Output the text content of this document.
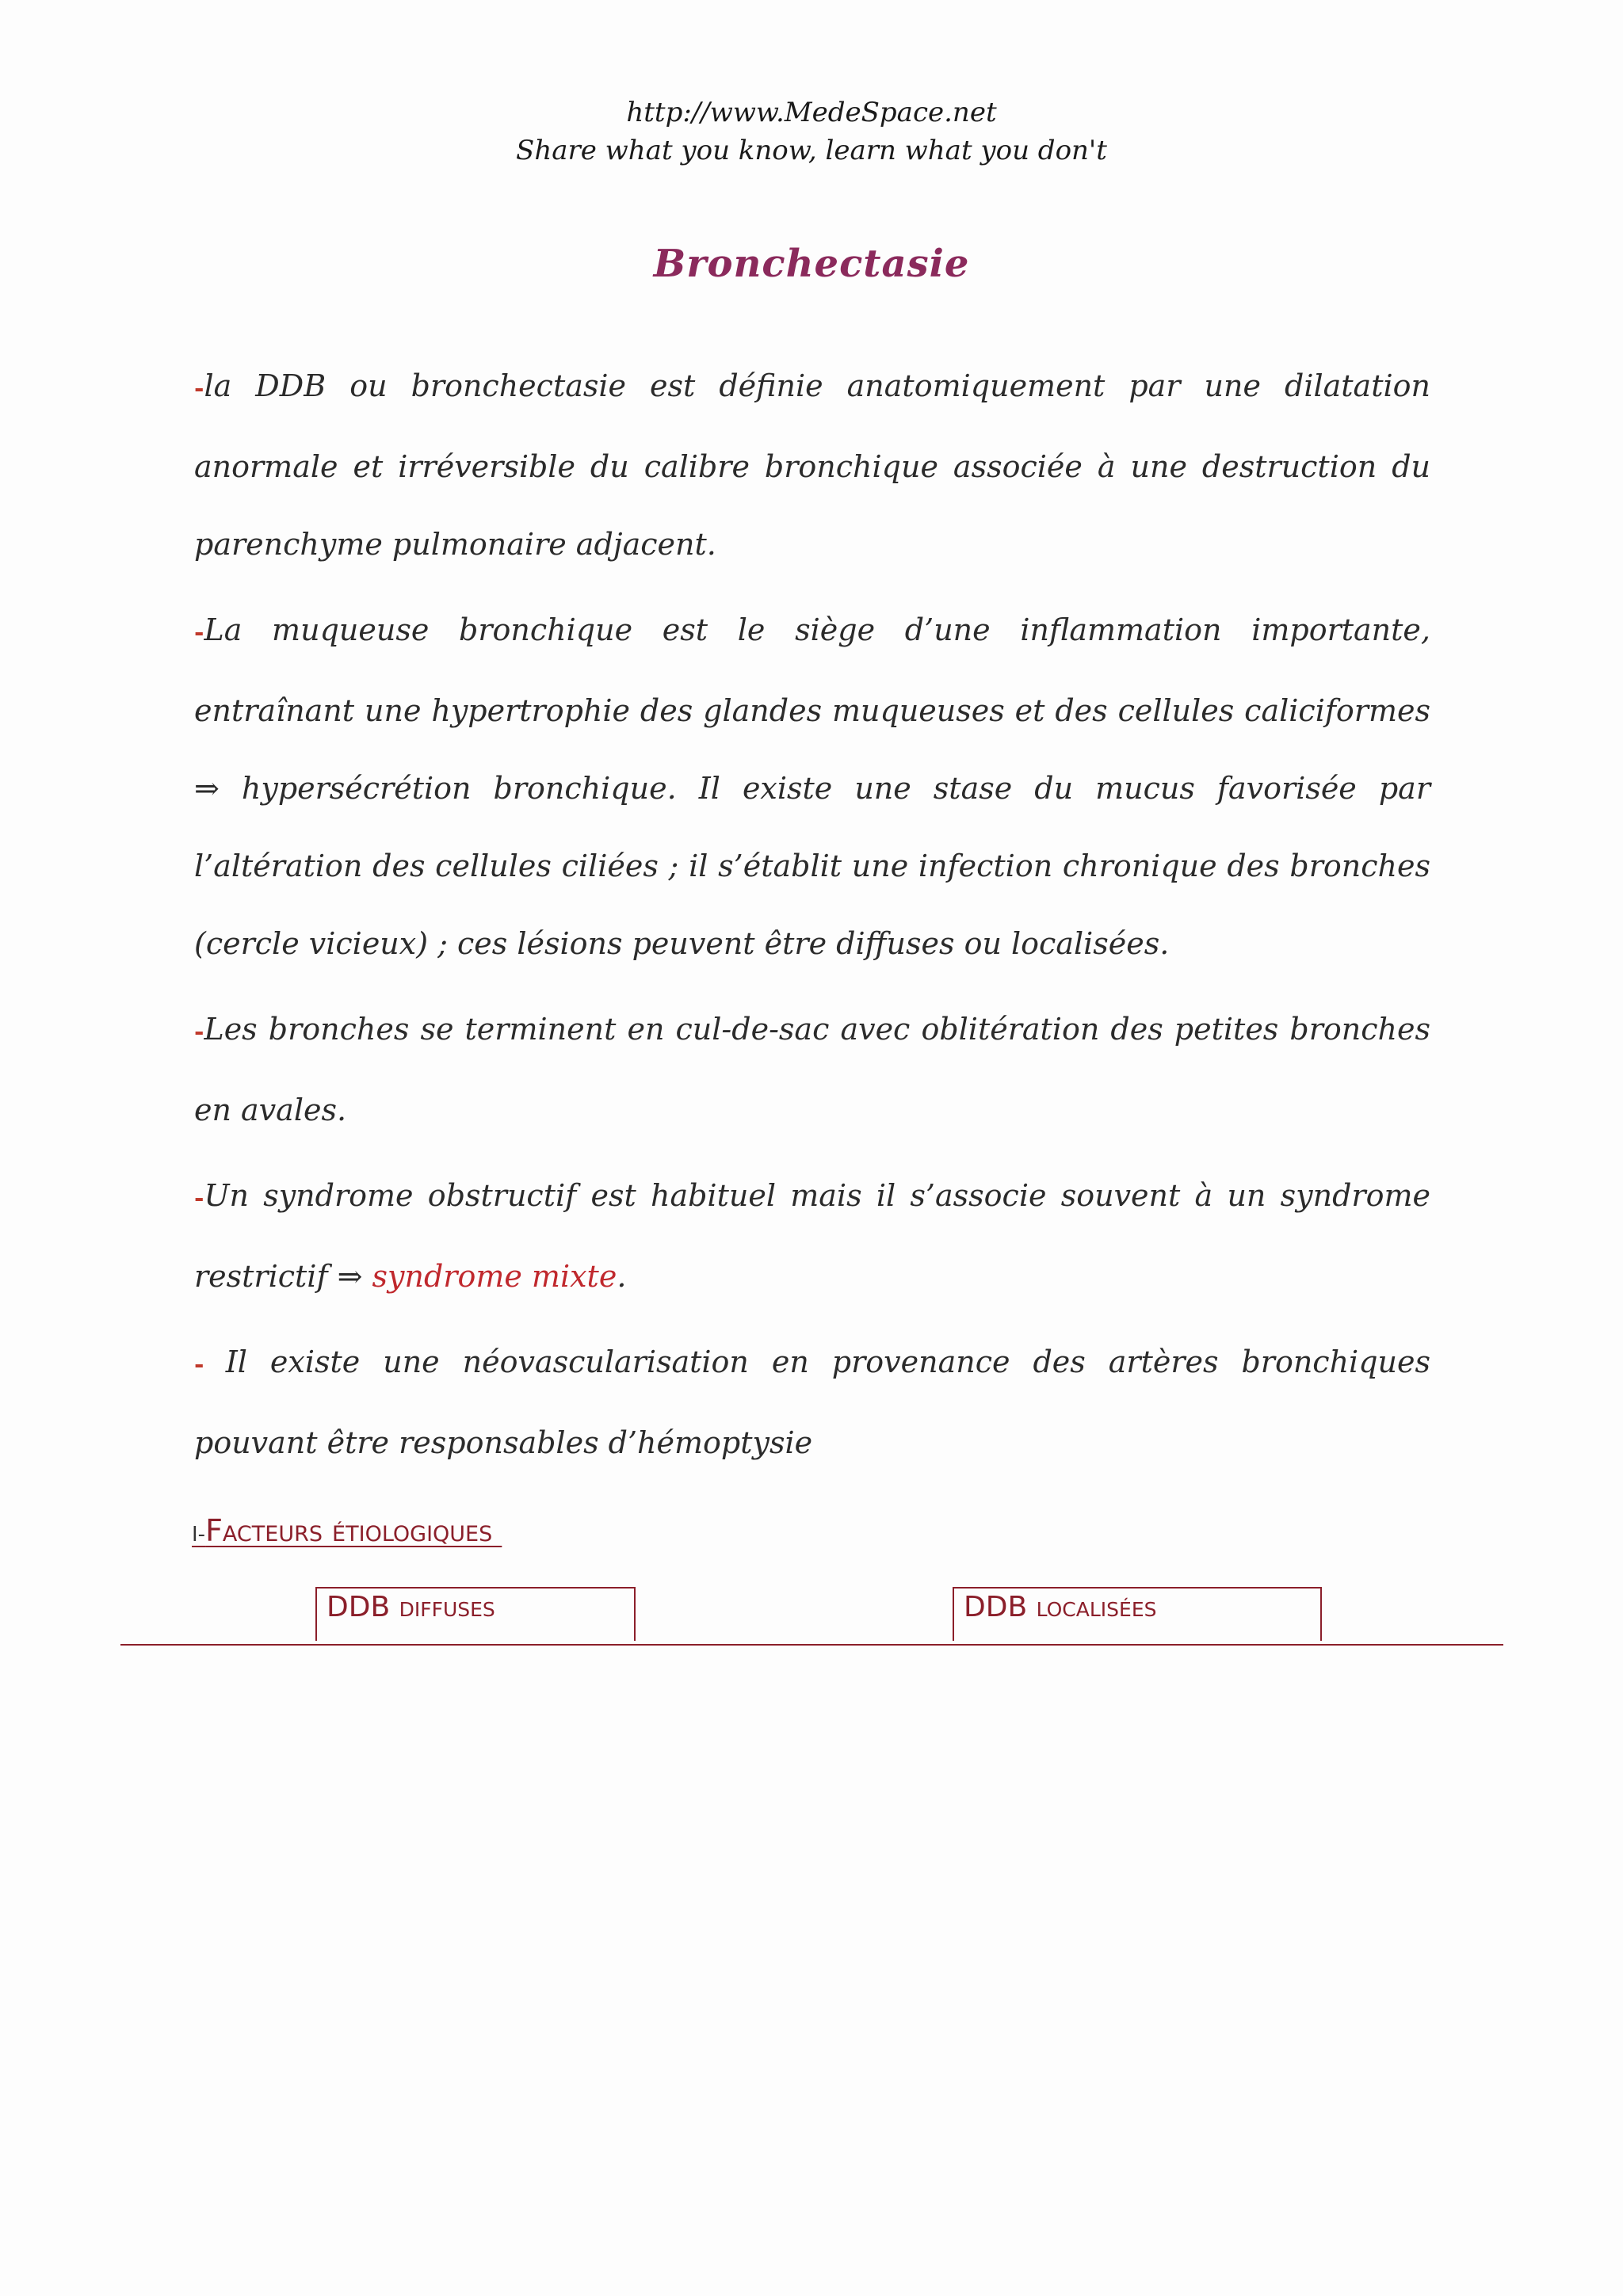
http://www.MedeSpace.net
Share what you know, learn what you don't
Bronchectasie

-la DDB ou bronchectasie est définie anatomiquement par une dilatation anormale et irréversible du calibre bronchique associée à une destruction du parenchyme pulmonaire adjacent.

-La muqueuse bronchique est le siège d’une inflammation importante, entraînant une hypertrophie des glandes muqueuses et des cellules caliciformes ⇒ hypersécrétion bronchique. Il existe une stase du mucus favorisée par l’altération des cellules ciliées ; il s’établit une infection chronique des bronches (cercle vicieux) ; ces lésions peuvent être diffuses ou localisées.

-Les bronches se terminent en cul-de-sac avec oblitération des petites bronches en avales.

-Un syndrome obstructif est habituel mais il s’associe souvent à un syndrome restrictif ⇒ syndrome mixte.

- Il existe une néovascularisation en provenance des artères bronchiques pouvant être responsables d’hémoptysie

I-Facteurs étiologiques
DDB diffuses	DDB localisées
